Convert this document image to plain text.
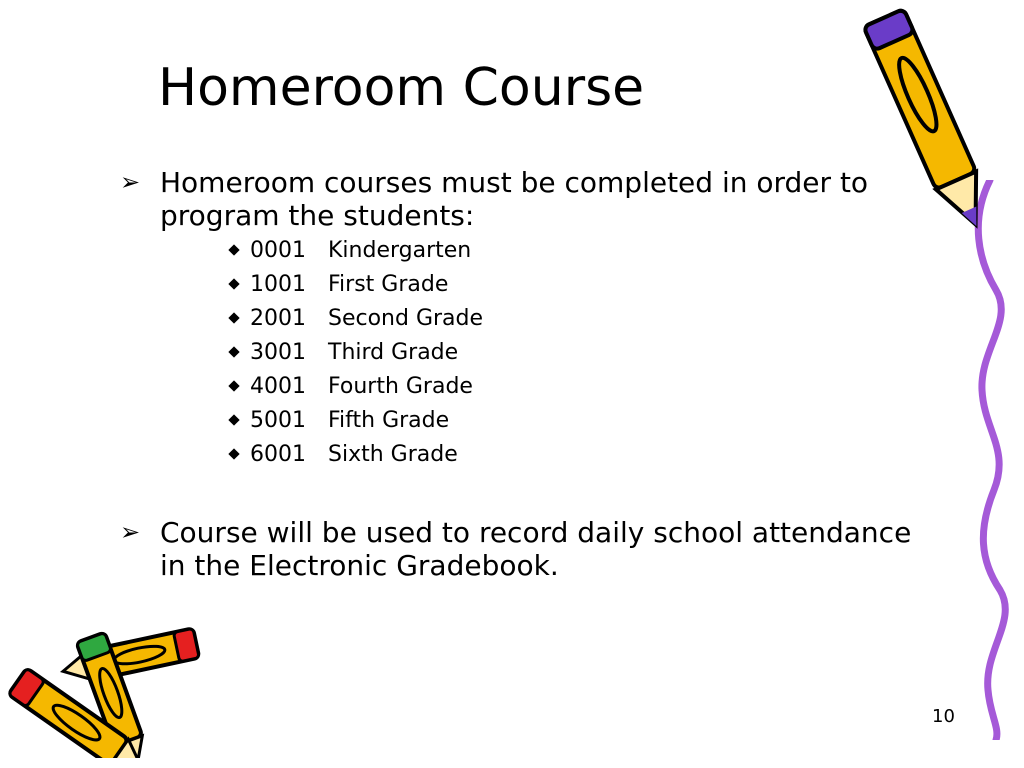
Homeroom Course
➢ Homeroom courses must be completed in order to program the students:
0001 Kindergarten
1001 First Grade
2001 Second Grade
3001 Third Grade
4001 Fourth Grade
5001 Fifth Grade
6001 Sixth Grade
➢ Course will be used to record daily school attendance in the Electronic Gradebook.
10
